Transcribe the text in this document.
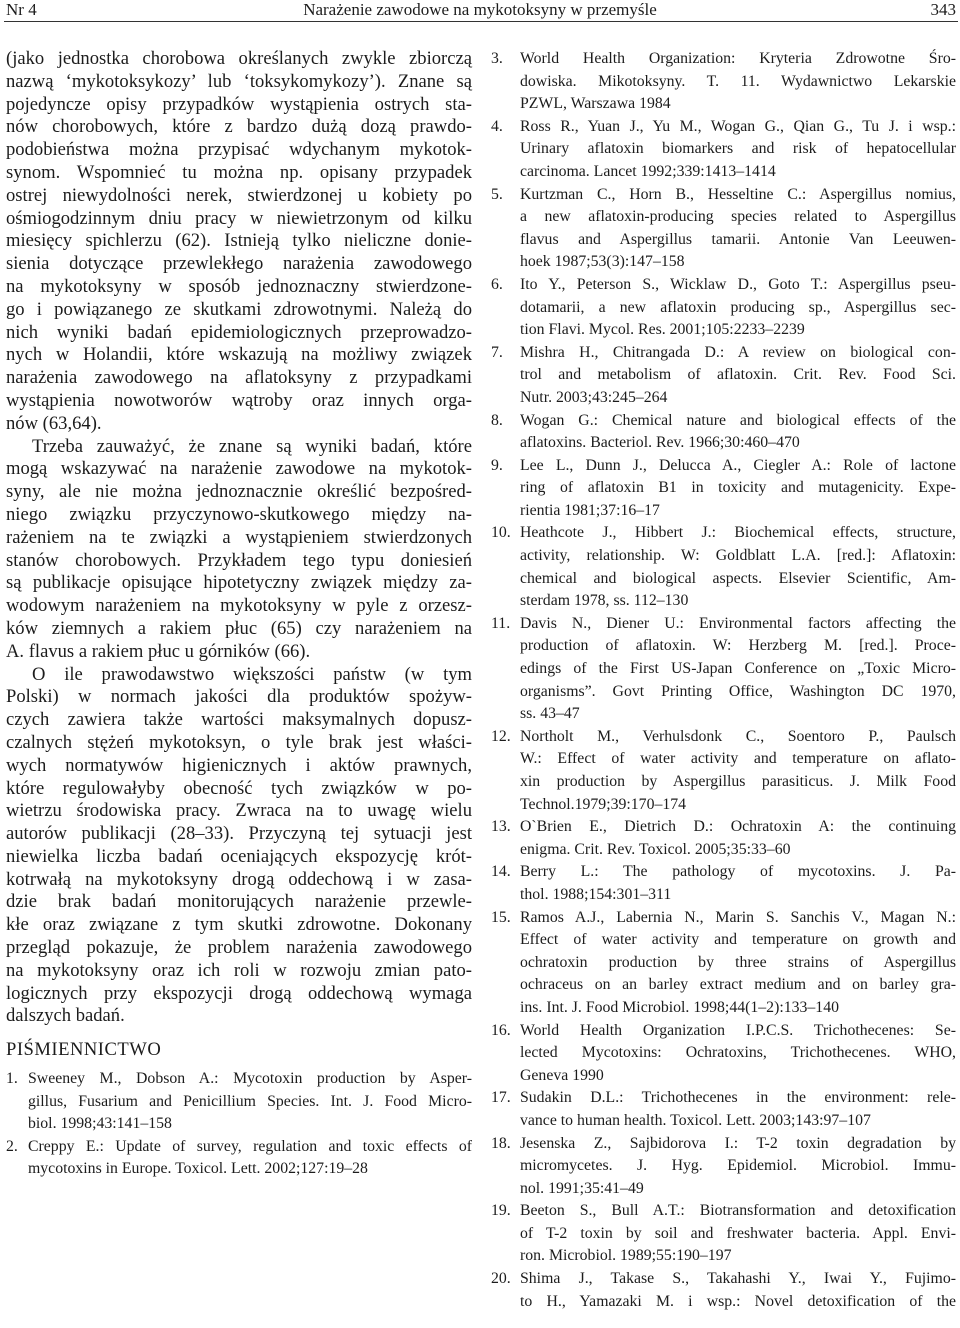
Nr 4	Narażenie zawodowe na mykotoksyny w przemyśle	343
(jako jednostka chorobowa określanych zwykle zbiorczą
nazwą ‘mykotoksykozy’ lub ‘toksykomykozy’). Znane są
pojedyncze opisy przypadków wystąpienia ostrych sta-
nów chorobowych, które z bardzo dużą dozą prawdo-
podobieństwa można przypisać wdychanym mykotok-
synom. Wspomnieć tu można np. opisany przypadek
ostrej niewydolności nerek, stwierdzonej u kobiety po
ośmiogodzinnym dniu pracy w niewietrzonym od kilku
miesięcy spichlerzu (62). Istnieją tylko nieliczne donie-
sienia dotyczące przewlekłego narażenia zawodowego
na mykotoksyny w sposób jednoznaczny stwierdzone-
go i powiązanego ze skutkami zdrowotnymi. Należą do
nich wyniki badań epidemiologicznych przeprowadzo-
nych w Holandii, które wskazują na możliwy związek
narażenia zawodowego na aflatoksyny z przypadkami
wystąpienia nowotworów wątroby oraz innych orga-
nów (63,64).
Trzeba zauważyć, że znane są wyniki badań, które
mogą wskazywać na narażenie zawodowe na mykotok-
syny, ale nie można jednoznacznie określić bezpośred-
niego związku przyczynowo-skutkowego między na-
rażeniem na te związki a wystąpieniem stwierdzonych
stanów chorobowych. Przykładem tego typu doniesień
są publikacje opisujące hipotetyczny związek między za-
wodowym narażeniem na mykotoksyny w pyle z orzesz-
ków ziemnych a rakiem płuc (65) czy narażeniem na
A. flavus a rakiem płuc u górników (66).
O ile prawodawstwo większości państw (w tym
Polski) w normach jakości dla produktów spożyw-
czych zawiera także wartości maksymalnych dopusz-
czalnych stężeń mykotoksyn, o tyle brak jest właści-
wych normatywów higienicznych i aktów prawnych,
które regulowałyby obecność tych związków w po-
wietrzu środowiska pracy. Zwraca na to uwagę wielu
autorów publikacji (28–33). Przyczyną tej sytuacji jest
niewielka liczba badań oceniających ekspozycję krót-
kotrwałą na mykotoksyny drogą oddechową i w zasa-
dzie brak badań monitorujących narażenie przewle-
kłe oraz związane z tym skutki zdrowotne. Dokonany
przegląd pokazuje, że problem narażenia zawodowego
na mykotoksyny oraz ich roli w rozwoju zmian pato-
logicznych przy ekspozycji drogą oddechową wymaga
dalszych badań.
PIŚMIENNICTWO
1. Sweeney M., Dobson A.: Mycotoxin production by Asper-
gillus, Fusarium and Penicillium Species. Int. J. Food Micro-
biol. 1998;43:141–158
2. Creppy E.: Update of survey, regulation and toxic effects of
mycotoxins in Europe. Toxicol. Lett. 2002;127:19–28
3.	World Health Organization: Kryteria Zdrowotne Śro-
dowiska. Mikotoksyny. T. 11. Wydawnictwo Lekarskie
PZWL, Warszawa 1984
4.	Ross R., Yuan J., Yu M., Wogan G., Qian G., Tu J. i wsp.:
Urinary aflatoxin biomarkers and risk of hepatocellular
carcinoma. Lancet 1992;339:1413–1414
5.	Kurtzman C., Horn B., Hesseltine C.: Aspergillus nomius,
a new aflatoxin-producing species related to Aspergillus
flavus and Aspergillus tamarii. Antonie Van Leeuwen-
hoek 1987;53(3):147–158
6.	Ito Y., Peterson S., Wicklaw D., Goto T.: Aspergillus pseu-
dotamarii, a new aflatoxin producing sp., Aspergillus sec-
tion Flavi. Mycol. Res. 2001;105:2233–2239
7.	Mishra H., Chitrangada D.: A review on biological con-
trol and metabolism of aflatoxin. Crit. Rev. Food Sci.
Nutr. 2003;43:245–264
8.	Wogan G.: Chemical nature and biological effects of the
aflatoxins. Bacteriol. Rev. 1966;30:460–470
9.	Lee L., Dunn J., Delucca A., Ciegler A.: Role of lactone
ring of aflatoxin B1 in toxicity and mutagenicity. Expe-
rientia 1981;37:16–17
10. Heathcote J., Hibbert J.: Biochemical effects, structure,
activity, relationship. W: Goldblatt L.A. [red.]: Aflatoxin:
chemical and biological aspects. Elsevier Scientific, Am-
sterdam 1978, ss. 112–130
11. Davis N., Diener U.: Environmental factors affecting the
production of aflatoxin. W: Herzberg M. [red.]. Proce-
edings of the First US-Japan Conference on „Toxic Micro-
organisms”. Govt Printing Office, Washington DC 1970,
ss. 43–47
12. Northolt M., Verhulsdonk C., Soentoro P., Paulsch
W.: Effect of water activity and temperature on aflato-
xin production by Aspergillus parasiticus. J. Milk Food
Technol.1979;39:170–174
13. O`Brien E., Dietrich D.: Ochratoxin A: the continuing
enigma. Crit. Rev. Toxicol. 2005;35:33–60
14. Berry L.: The pathology of mycotoxins. J. Pa-
thol. 1988;154:301–311
15. Ramos A.J., Labernia N., Marin S. Sanchis V., Magan N.:
Effect of water activity and temperature on growth and
ochratoxin production by three strains of Aspergillus
ochraceus on an barley extract medium and on barley gra-
ins. Int. J. Food Microbiol. 1998;44(1–2):133–140
16. World Health Organization I.P.C.S. Trichothecenes: Se-
lected Mycotoxins: Ochratoxins, Trichothecenes. WHO,
Geneva 1990
17. Sudakin D.L.: Trichothecenes in the environment: rele-
vance to human health. Toxicol. Lett. 2003;143:97–107
18. Jesenska Z., Sajbidorova I.: T-2 toxin degradation by
micromycetes. J. Hyg. Epidemiol. Microbiol. Immu-
nol. 1991;35:41–49
19. Beeton S., Bull A.T.: Biotransformation and detoxification
of T-2 toxin by soil and freshwater bacteria. Appl. Envi-
ron. Microbiol. 1989;55:190–197
20. Shima J., Takase S., Takahashi Y., Iwai Y., Fujimo-
to H., Yamazaki M. i wsp.: Novel detoxification of the
